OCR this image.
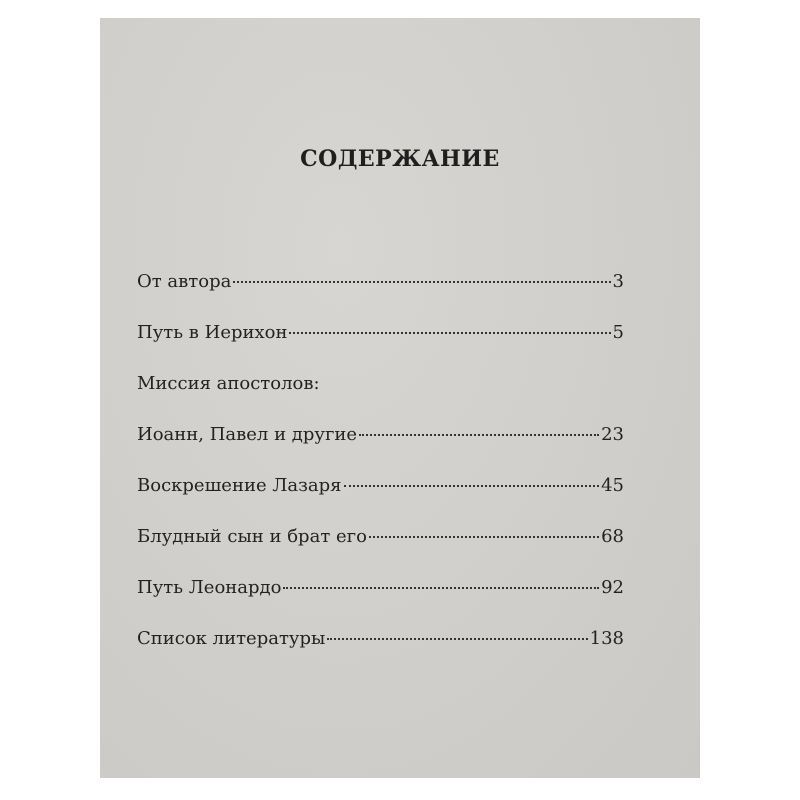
СОДЕРЖАНИЕ
От автора	3
Путь в Иерихон	5
Миссия апостолов:
Иоанн, Павел и другие	23
Воскрешение Лазаря	45
Блудный сын и брат его	68
Путь Леонардо	92
Список литературы	138
